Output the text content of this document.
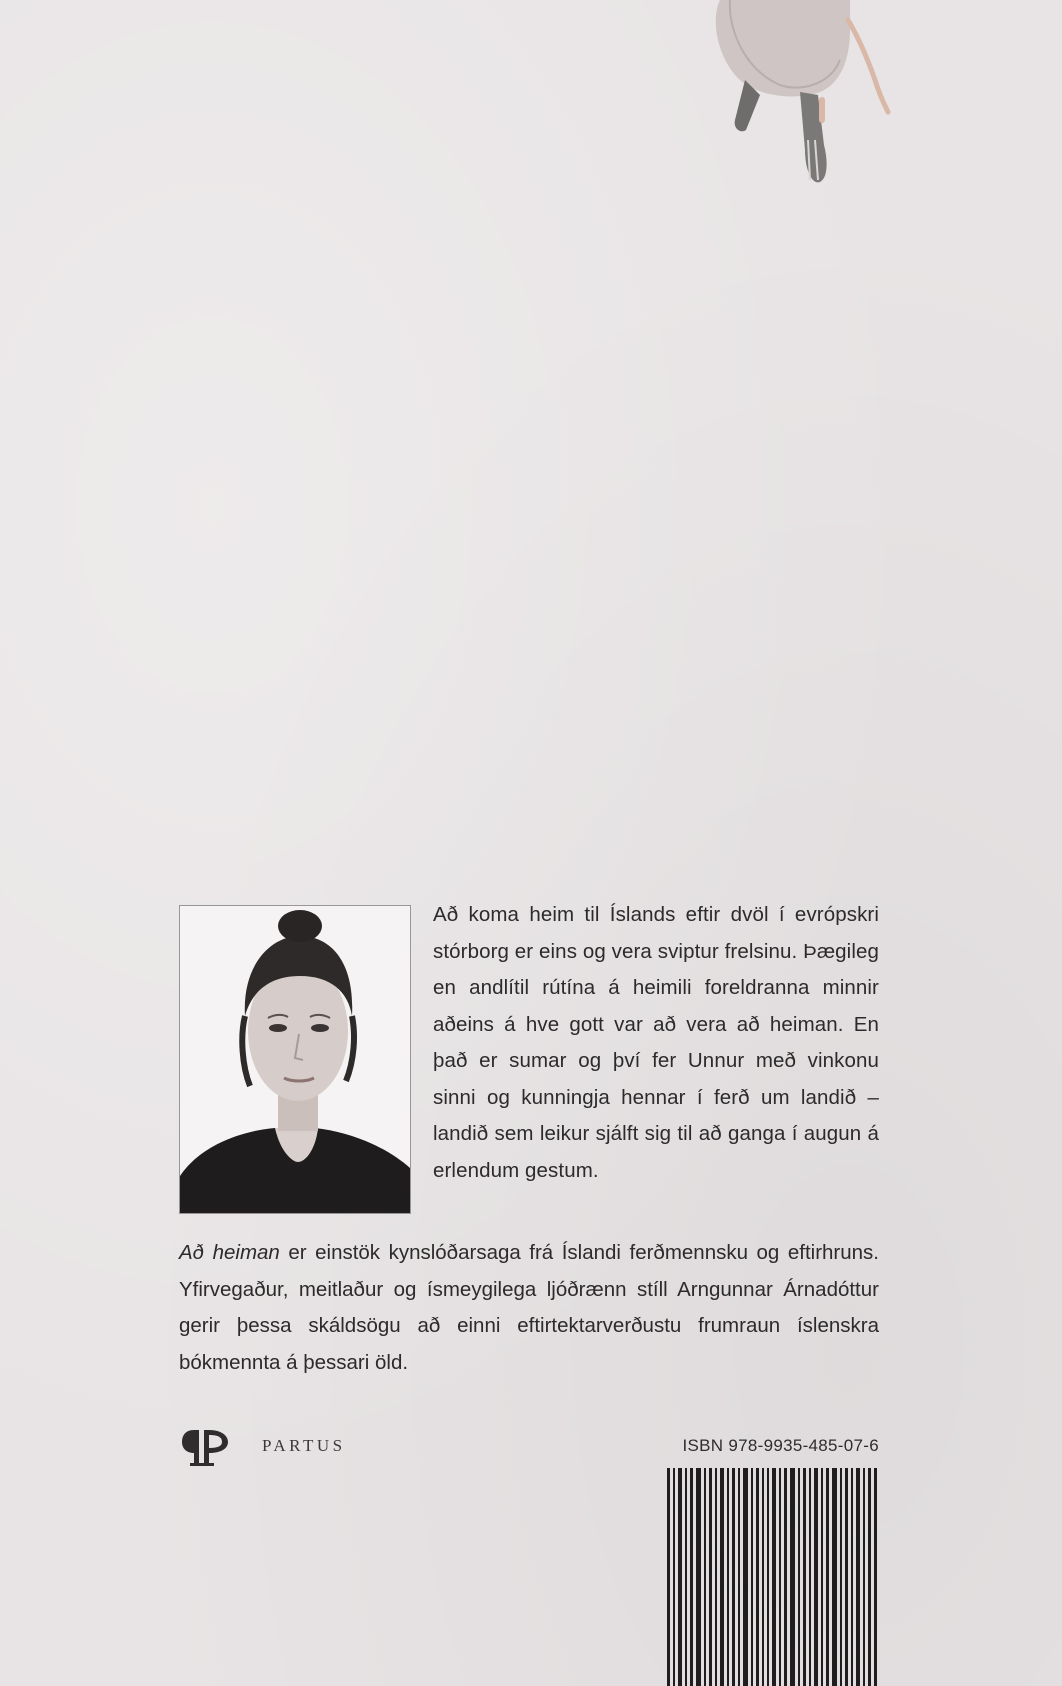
Að koma heim til Íslands eftir dvöl í evrópskri stórborg er eins og vera sviptur frelsinu. Þægileg en andlítil rútína á heimili foreldranna minnir aðeins á hve gott var að vera að heiman. En það er sumar og því fer Unnur með vinkonu sinni og kunningja hennar í ferð um landið – landið sem leikur sjálft sig til að ganga í augun á erlendum gestum.

Að heiman er einstök kynslóðarsaga frá Íslandi ferðmennsku og eftirhruns. Yfirvegaður, meitlaður og ísmeygilega ljóðrænn stíll Arngunnar Árnadóttur gerir þessa skáldsögu að einni eftirtektarverðustu frumraun íslenskra bókmennta á þessari öld.

PARTUS	ISBN 978-9935-485-07-6
